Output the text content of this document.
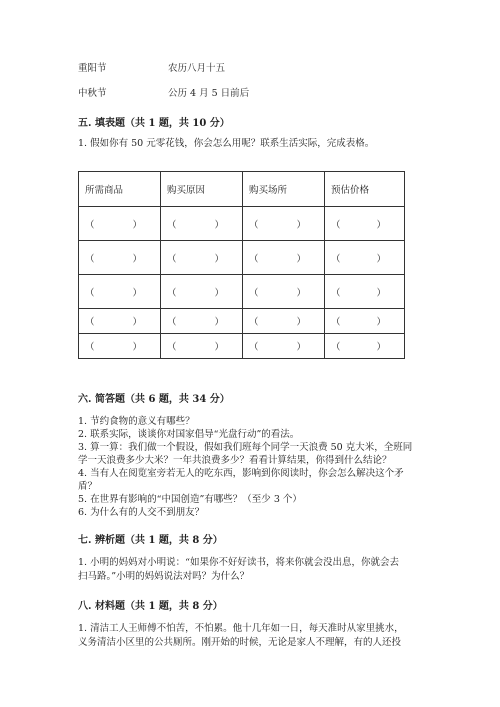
重阳节	农历八月十五
中秋节	公历 4 月 5 日前后
五. 填表题（共 1 题，共 10 分）
1. 假如你有 50 元零花钱，你会怎么用呢？联系生活实际，完成表格。
所需商品	购买原因	购买场所	预估价格

（ ）	（ ）	（ ）	（ ）

（ ）	（ ）	（ ）	（ ）

（ ）	（ ）	（ ）	（ ）

（ ）	（ ）	（ ）	（ ）

（ ）	（ ）	（ ）	（ ）
六. 简答题（共 6 题，共 34 分）
1. 节约食物的意义有哪些？
2. 联系实际，谈谈你对国家倡导“光盘行动”的看法。
3. 算一算：我们做一个假设，假如我们班每个同学一天浪费 50 克大米，全班同
学一天浪费多少大米？一年共浪费多少？看看计算结果，你得到什么结论？
4. 当有人在阅览室旁若无人的吃东西，影响到你阅读时，你会怎么解决这个矛
盾？
5. 在世界有影响的“中国创造”有哪些？（至少 3 个）
6. 为什么有的人交不到朋友？
七. 辨析题（共 1 题，共 8 分）
1. 小明的妈妈对小明说：“如果你不好好读书，将来你就会没出息，你就会去
扫马路。”小明的妈妈说法对吗？为什么？
八. 材料题（共 1 题，共 8 分）
1. 清洁工人王师傅不怕苦，不怕累。他十几年如一日，每天准时从家里挑水，
义务清洁小区里的公共厕所。刚开始的时候，无论是家人不理解，有的人还投
